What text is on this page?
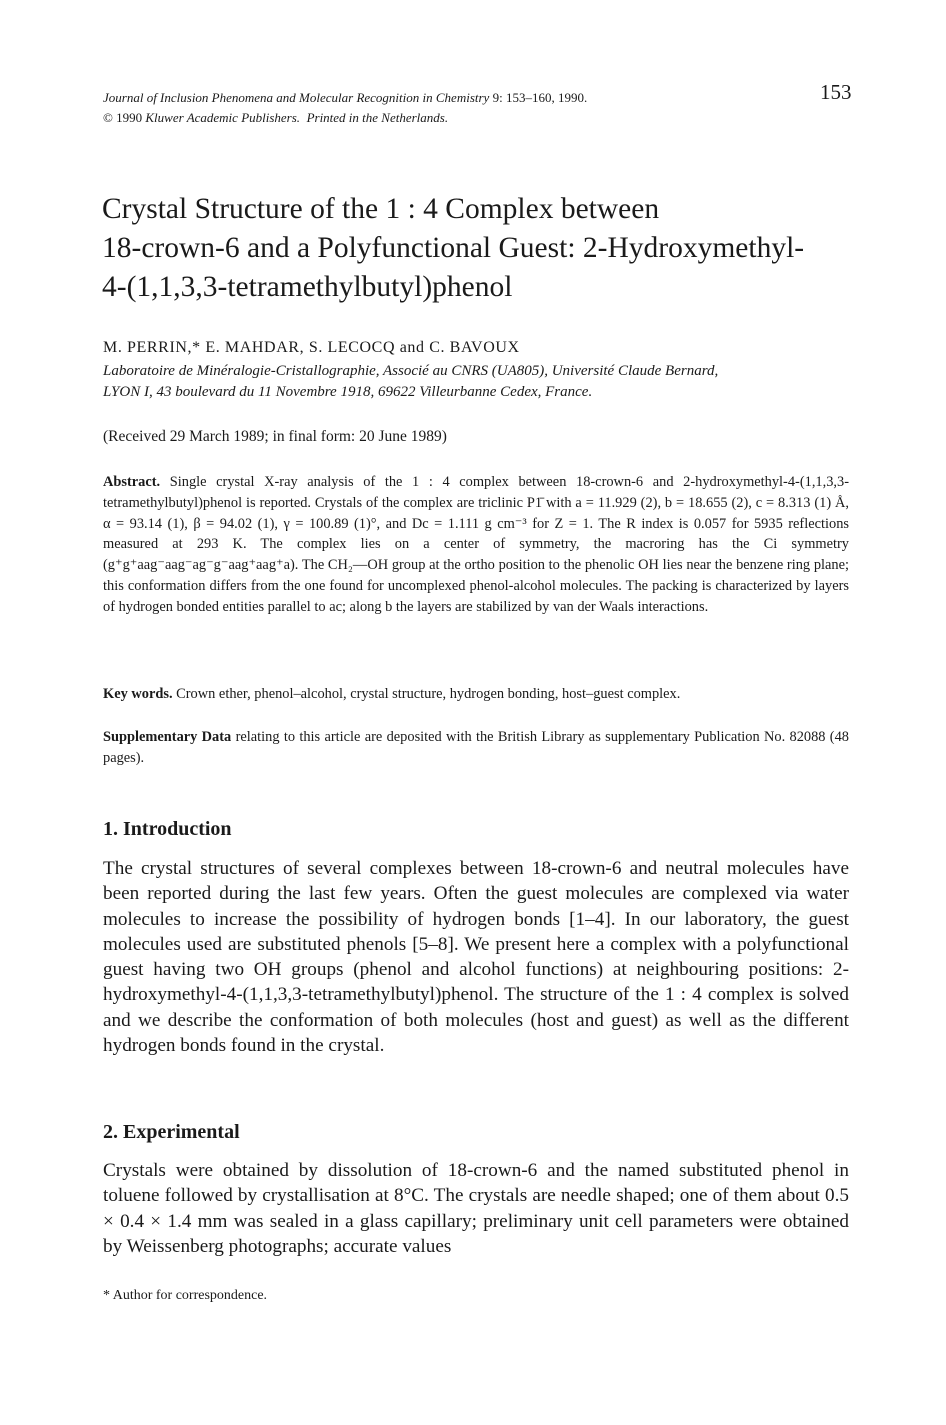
Journal of Inclusion Phenomena and Molecular Recognition in Chemistry 9: 153–160, 1990.
© 1990 Kluwer Academic Publishers. Printed in the Netherlands.
153
Crystal Structure of the 1 : 4 Complex between
18-crown-6 and a Polyfunctional Guest: 2-Hydroxymethyl-
4-(1,1,3,3-tetramethylbutyl)phenol
M. PERRIN,* E. MAHDAR, S. LECOCQ and C. BAVOUX
Laboratoire de Minéralogie-Cristallographie, Associé au CNRS (UA805), Université Claude Bernard,
LYON I, 43 boulevard du 11 Novembre 1918, 69622 Villeurbanne Cedex, France.
(Received 29 March 1989; in final form: 20 June 1989)
Abstract. Single crystal X-ray analysis of the 1 : 4 complex between 18-crown-6 and 2-hydroxymethyl-4-(1,1,3,3-tetramethylbutyl)phenol is reported. Crystals of the complex are triclinic P1̄ with a = 11.929 (2), b = 18.655 (2), c = 8.313 (1) Å, α = 93.14 (1), β = 94.02 (1), γ = 100.89 (1)°, and Dc = 1.111 g cm⁻³ for Z = 1. The R index is 0.057 for 5935 reflections measured at 293 K. The complex lies on a center of symmetry, the macroring has the Ci symmetry (g⁺g⁺aag⁻aag⁻ag⁻g⁻aag⁺aag⁺a). The CH₂—OH group at the ortho position to the phenolic OH lies near the benzene ring plane; this conformation differs from the one found for uncomplexed phenol-alcohol molecules. The packing is characterized by layers of hydrogen bonded entities parallel to ac; along b the layers are stabilized by van der Waals interactions.
Key words. Crown ether, phenol–alcohol, crystal structure, hydrogen bonding, host–guest complex.
Supplementary Data relating to this article are deposited with the British Library as supplementary Publication No. 82088 (48 pages).
1. Introduction
The crystal structures of several complexes between 18-crown-6 and neutral molecules have been reported during the last few years. Often the guest molecules are complexed via water molecules to increase the possibility of hydrogen bonds [1–4]. In our laboratory, the guest molecules used are substituted phenols [5–8]. We present here a complex with a polyfunctional guest having two OH groups (phenol and alcohol functions) at neighbouring positions: 2-hydroxymethyl-4-(1,1,3,3-tetramethylbutyl)phenol. The structure of the 1 : 4 complex is solved and we describe the conformation of both molecules (host and guest) as well as the different hydrogen bonds found in the crystal.
2. Experimental
Crystals were obtained by dissolution of 18-crown-6 and the named substituted phenol in toluene followed by crystallisation at 8°C. The crystals are needle shaped; one of them about 0.5 × 0.4 × 1.4 mm was sealed in a glass capillary; preliminary unit cell parameters were obtained by Weissenberg photographs; accurate values
* Author for correspondence.
